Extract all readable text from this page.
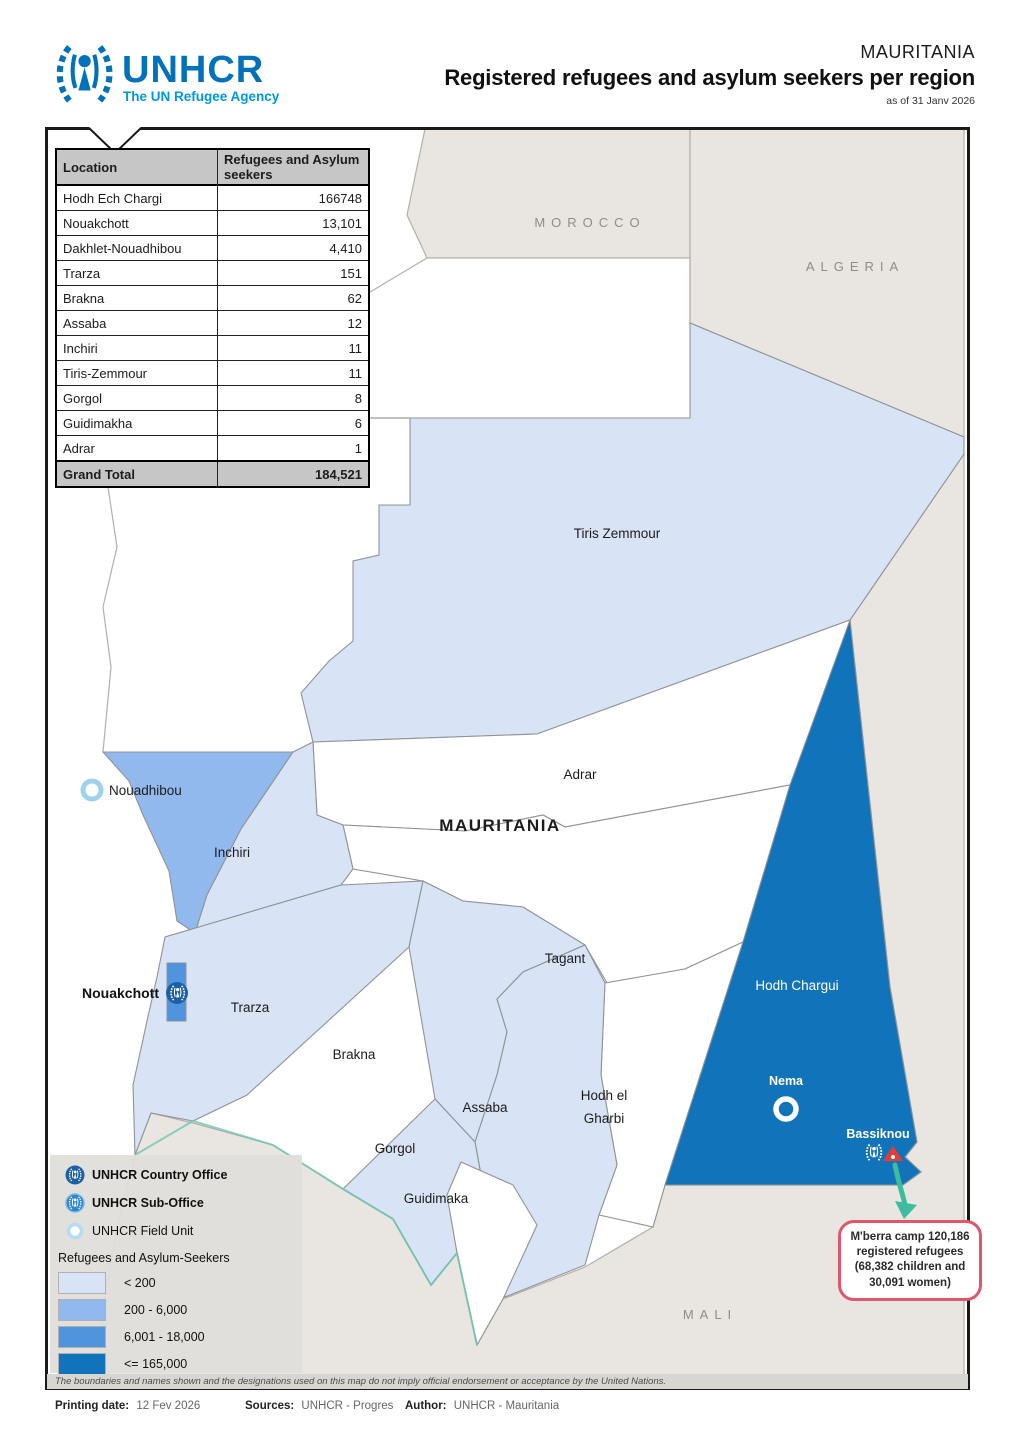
UNHCR
The UN Refugee Agency
MAURITANIA
Registered refugees and asylum seekers per region
as of 31 Janv 2026
MOROCCO
ALGERIA
MALI
Tiris Zemmour
Adrar
MAURITANIA
Inchiri
Trarza
Brakna
Tagant
Assaba
Gorgol
Guidimaka
Hodh el
Gharbi
Hodh Chargui
Nouadhibou
Nouakchott
Nema
Bassiknou
Location	Refugees and Asylum seekers
Hodh Ech Chargi	166748
Nouakchott	13,101
Dakhlet-Nouadhibou	4,410
Trarza	151
Brakna	62
Assaba	12
Inchiri	11
Tiris-Zemmour	11
Gorgol	8
Guidimakha	6
Adrar	1
Grand Total	184,521
UNHCR Country Office
UNHCR Sub-Office
UNHCR Field Unit
Refugees and Asylum-Seekers
< 200
200 - 6,000
6,001 - 18,000
<= 165,000
M'berra camp 120,186 registered refugees (68,382 children and 30,091 women)
The boundaries and names shown and the designations used on this map do not imply official endorsement or acceptance by the United Nations.
Printing date: 12 Fev 2026	Sources: UNHCR - Progres Author: UNHCR - Mauritania
